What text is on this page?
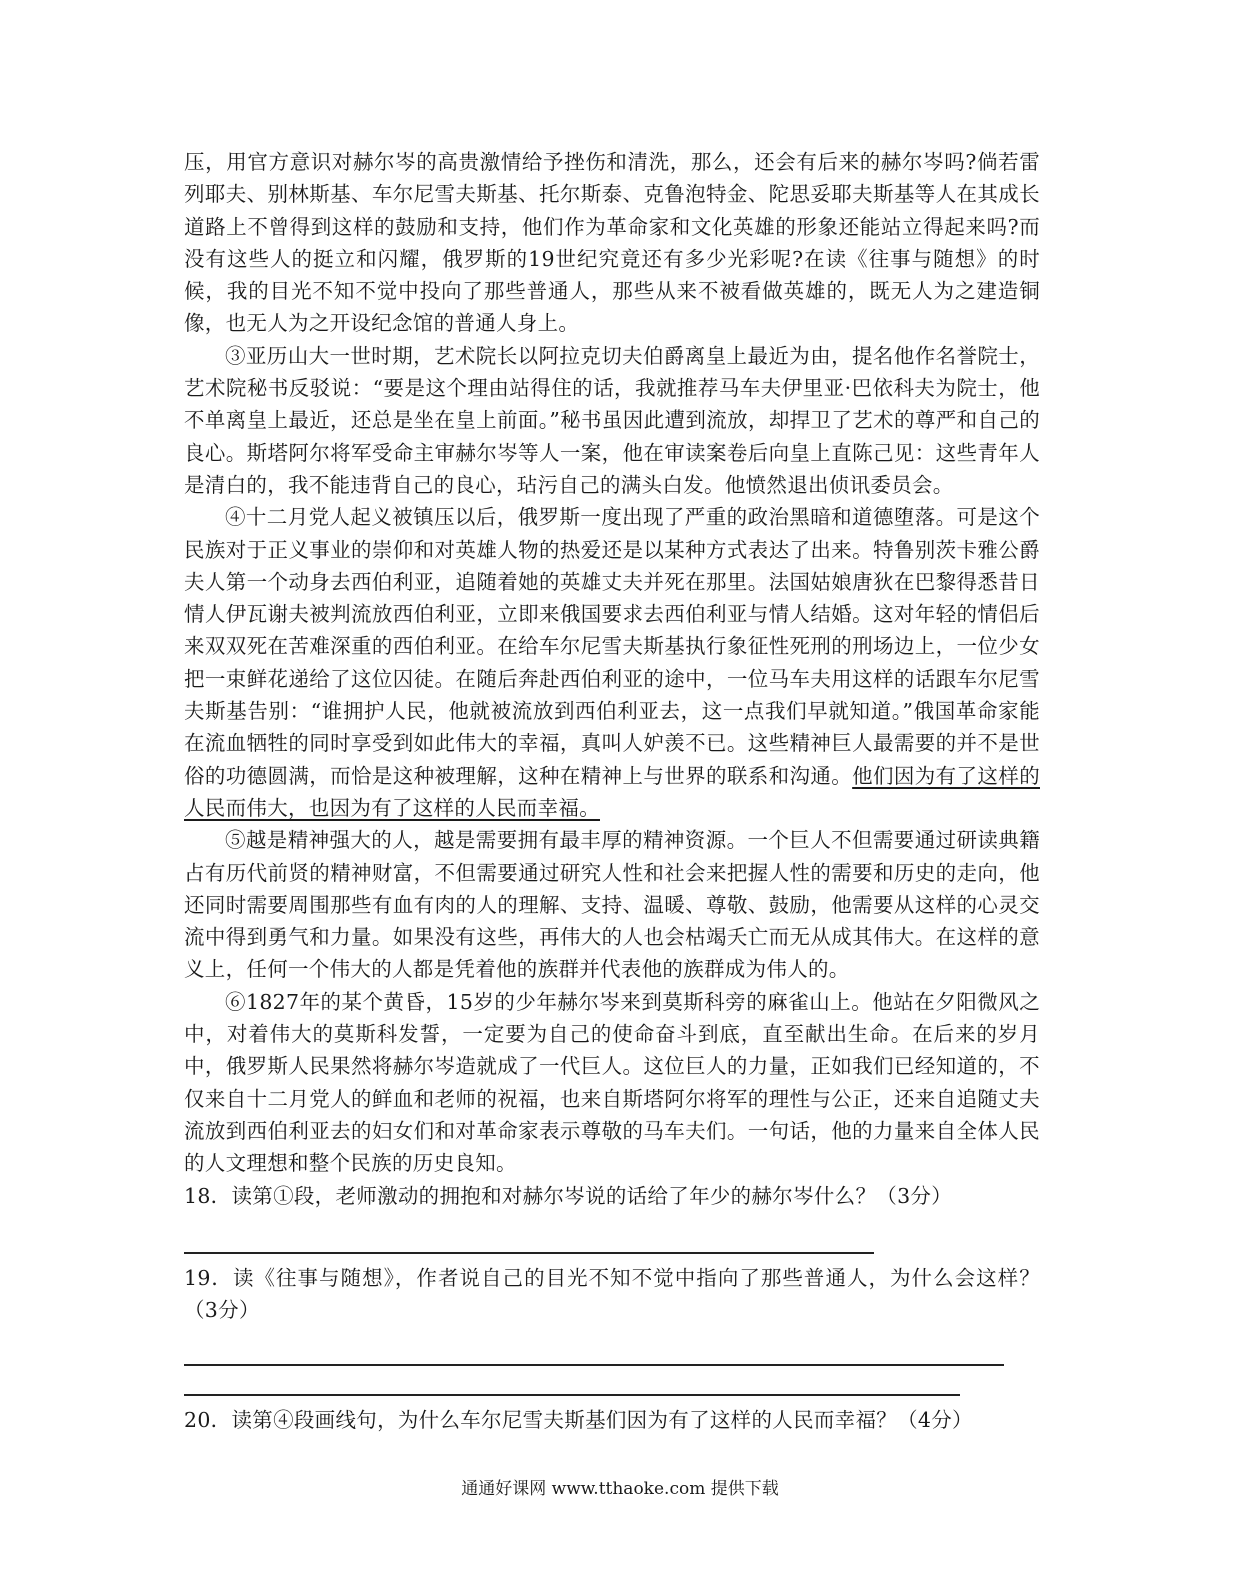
压，用官方意识对赫尔岑的高贵激情给予挫伤和清洗，那么，还会有后来的赫尔岑吗?倘若雷列耶夫、别林斯基、车尔尼雪夫斯基、托尔斯泰、克鲁泡特金、陀思妥耶夫斯基等人在其成长道路上不曾得到这样的鼓励和支持，他们作为革命家和文化英雄的形象还能站立得起来吗?而没有这些人的挺立和闪耀，俄罗斯的19世纪究竟还有多少光彩呢?在读《往事与随想》的时候，我的目光不知不觉中投向了那些普通人，那些从来不被看做英雄的，既无人为之建造铜像，也无人为之开设纪念馆的普通人身上。

③亚历山大一世时期，艺术院长以阿拉克切夫伯爵离皇上最近为由，提名他作名誉院士，艺术院秘书反驳说：“要是这个理由站得住的话，我就推荐马车夫伊里亚·巴依科夫为院士，他不单离皇上最近，还总是坐在皇上前面。”秘书虽因此遭到流放，却捍卫了艺术的尊严和自己的良心。斯塔阿尔将军受命主审赫尔岑等人一案，他在审读案卷后向皇上直陈己见：这些青年人是清白的，我不能违背自己的良心，玷污自己的满头白发。他愤然退出侦讯委员会。

④十二月党人起义被镇压以后，俄罗斯一度出现了严重的政治黑暗和道德堕落。可是这个民族对于正义事业的崇仰和对英雄人物的热爱还是以某种方式表达了出来。特鲁别茨卡雅公爵夫人第一个动身去西伯利亚，追随着她的英雄丈夫并死在那里。法国姑娘唐狄在巴黎得悉昔日情人伊瓦谢夫被判流放西伯利亚，立即来俄国要求去西伯利亚与情人结婚。这对年轻的情侣后来双双死在苦难深重的西伯利亚。在给车尔尼雪夫斯基执行象征性死刑的刑场边上，一位少女把一束鲜花递给了这位囚徒。在随后奔赴西伯利亚的途中，一位马车夫用这样的话跟车尔尼雪夫斯基告别：“谁拥护人民，他就被流放到西伯利亚去，这一点我们早就知道。”俄国革命家能在流血牺牲的同时享受到如此伟大的幸福，真叫人妒羡不已。这些精神巨人最需要的并不是世俗的功德圆满，而恰是这种被理解，这种在精神上与世界的联系和沟通。他们因为有了这样的人民而伟大，也因为有了这样的人民而幸福。

⑤越是精神强大的人，越是需要拥有最丰厚的精神资源。一个巨人不但需要通过研读典籍占有历代前贤的精神财富，不但需要通过研究人性和社会来把握人性的需要和历史的走向，他还同时需要周围那些有血有肉的人的理解、支持、温暖、尊敬、鼓励，他需要从这样的心灵交流中得到勇气和力量。如果没有这些，再伟大的人也会枯竭夭亡而无从成其伟大。在这样的意义上，任何一个伟大的人都是凭着他的族群并代表他的族群成为伟人的。

⑥1827年的某个黄昏，15岁的少年赫尔岑来到莫斯科旁的麻雀山上。他站在夕阳微风之中，对着伟大的莫斯科发誓，一定要为自己的使命奋斗到底，直至献出生命。在后来的岁月中，俄罗斯人民果然将赫尔岑造就成了一代巨人。这位巨人的力量，正如我们已经知道的，不仅来自十二月党人的鲜血和老师的祝福，也来自斯塔阿尔将军的理性与公正，还来自追随丈夫流放到西伯利亚去的妇女们和对革命家表示尊敬的马车夫们。一句话，他的力量来自全体人民的人文理想和整个民族的历史良知。

18．读第①段，老师激动的拥抱和对赫尔岑说的话给了年少的赫尔岑什么？（3分）

19．读《往事与随想》，作者说自己的目光不知不觉中指向了那些普通人，为什么会这样？（3分）

20．读第④段画线句，为什么车尔尼雪夫斯基们因为有了这样的人民而幸福？（4分）

通通好课网 www.tthaoke.com 提供下载
